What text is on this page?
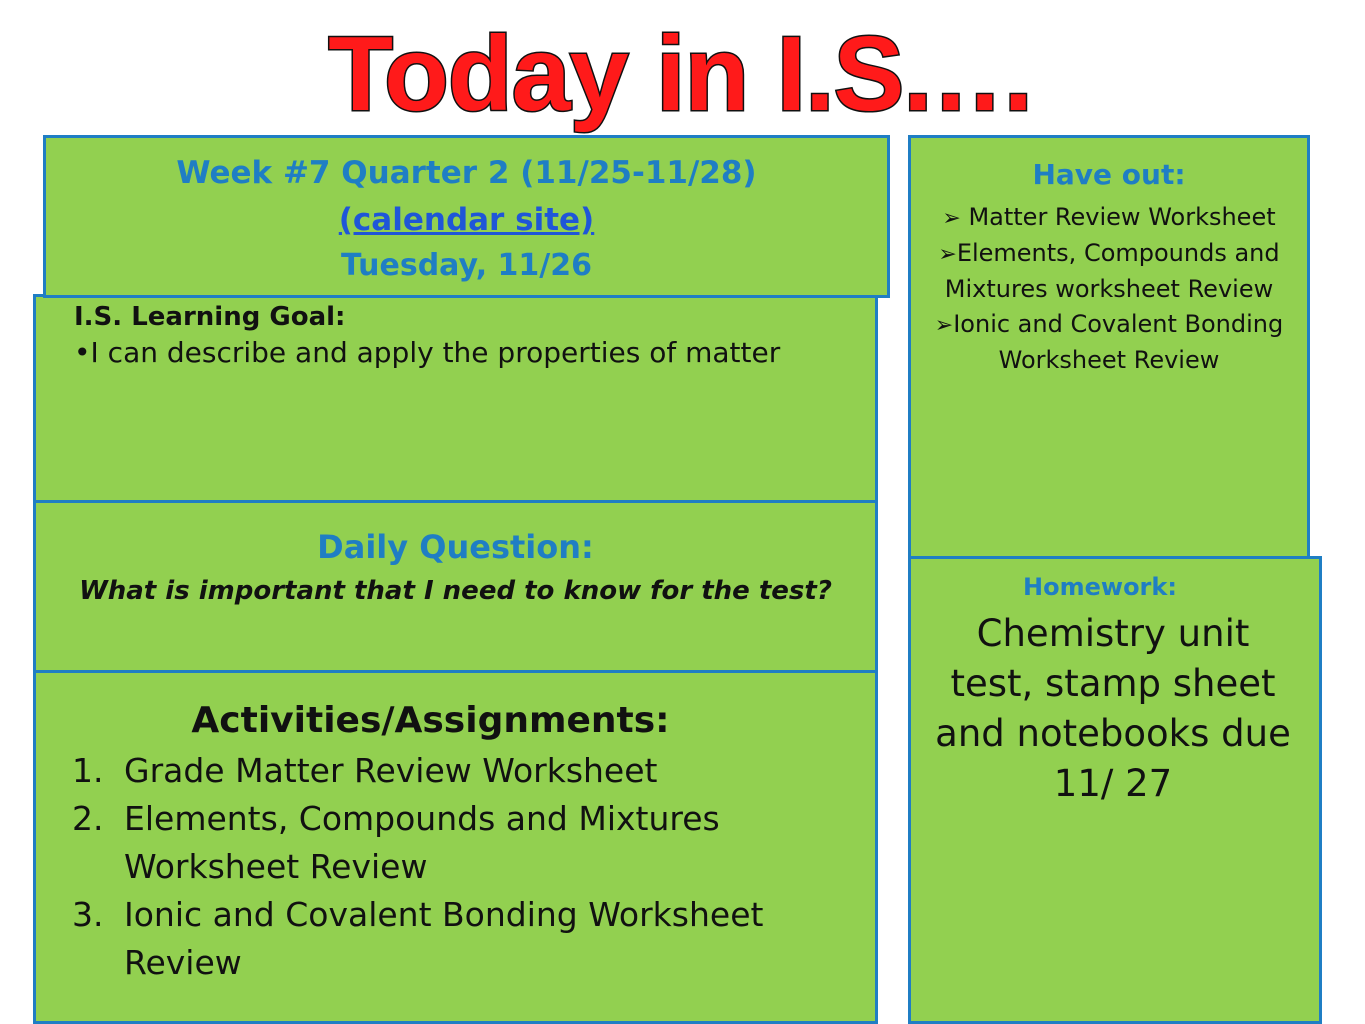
Today in I.S.…
Week #7 Quarter 2 (11/25-11/28)
(calendar site)
Tuesday, 11/26
I.S. Learning Goal:
•I can describe and apply the properties of matter
Daily Question:
What is important that I need to know for the test?
Activities/Assignments:
1. Grade Matter Review Worksheet
2. Elements, Compounds and Mixtures Worksheet Review
3. Ionic and Covalent Bonding Worksheet Review
Have out:
➢ Matter Review Worksheet
➢Elements, Compounds and Mixtures worksheet Review
➢Ionic and Covalent Bonding Worksheet Review
Homework:
Chemistry unit test, stamp sheet and notebooks due 11/ 27
